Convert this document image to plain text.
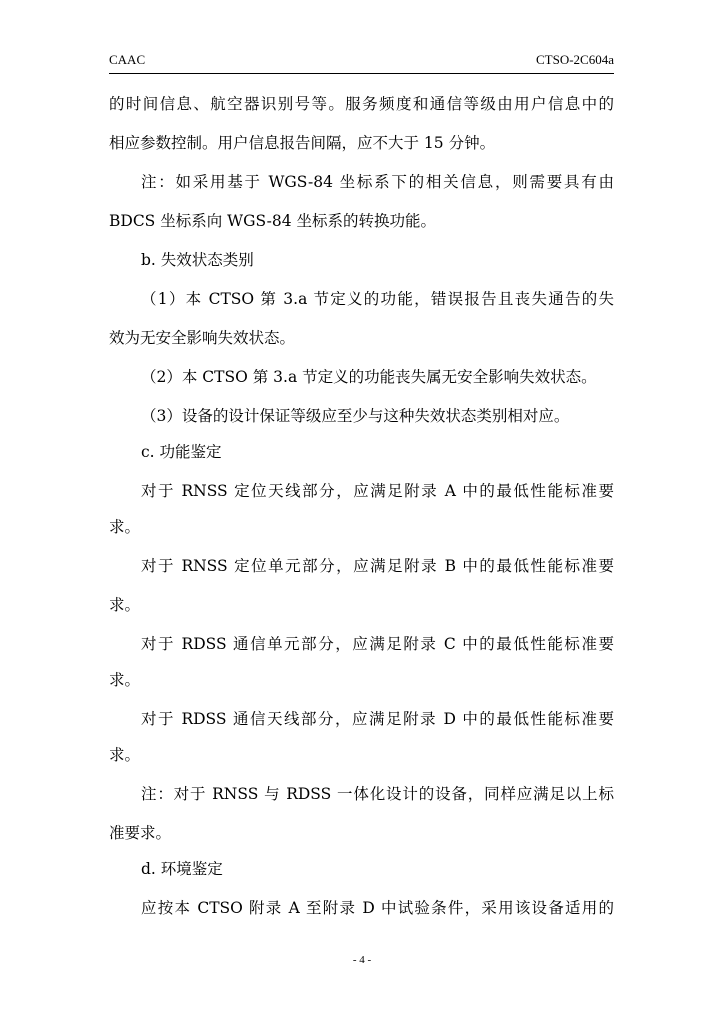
CAAC	CTSO-2C604a
的时间信息、航空器识别号等。服务频度和通信等级由用户信息中的
相应参数控制。用户信息报告间隔，应不大于 15 分钟。
注：如采用基于 WGS-84 坐标系下的相关信息，则需要具有由
BDCS 坐标系向 WGS-84 坐标系的转换功能。
b. 失效状态类别
（1）本 CTSO 第 3.a 节定义的功能，错误报告且丧失通告的失
效为无安全影响失效状态。
（2）本 CTSO 第 3.a 节定义的功能丧失属无安全影响失效状态。
（3）设备的设计保证等级应至少与这种失效状态类别相对应。
c. 功能鉴定
对于 RNSS 定位天线部分，应满足附录 A 中的最低性能标准要
求。
对于 RNSS 定位单元部分，应满足附录 B 中的最低性能标准要
求。
对于 RDSS 通信单元部分，应满足附录 C 中的最低性能标准要
求。
对于 RDSS 通信天线部分，应满足附录 D 中的最低性能标准要
求。
注：对于 RNSS 与 RDSS 一体化设计的设备，同样应满足以上标
准要求。
d. 环境鉴定
应按本 CTSO 附录 A 至附录 D 中试验条件，采用该设备适用的
- 4 -
